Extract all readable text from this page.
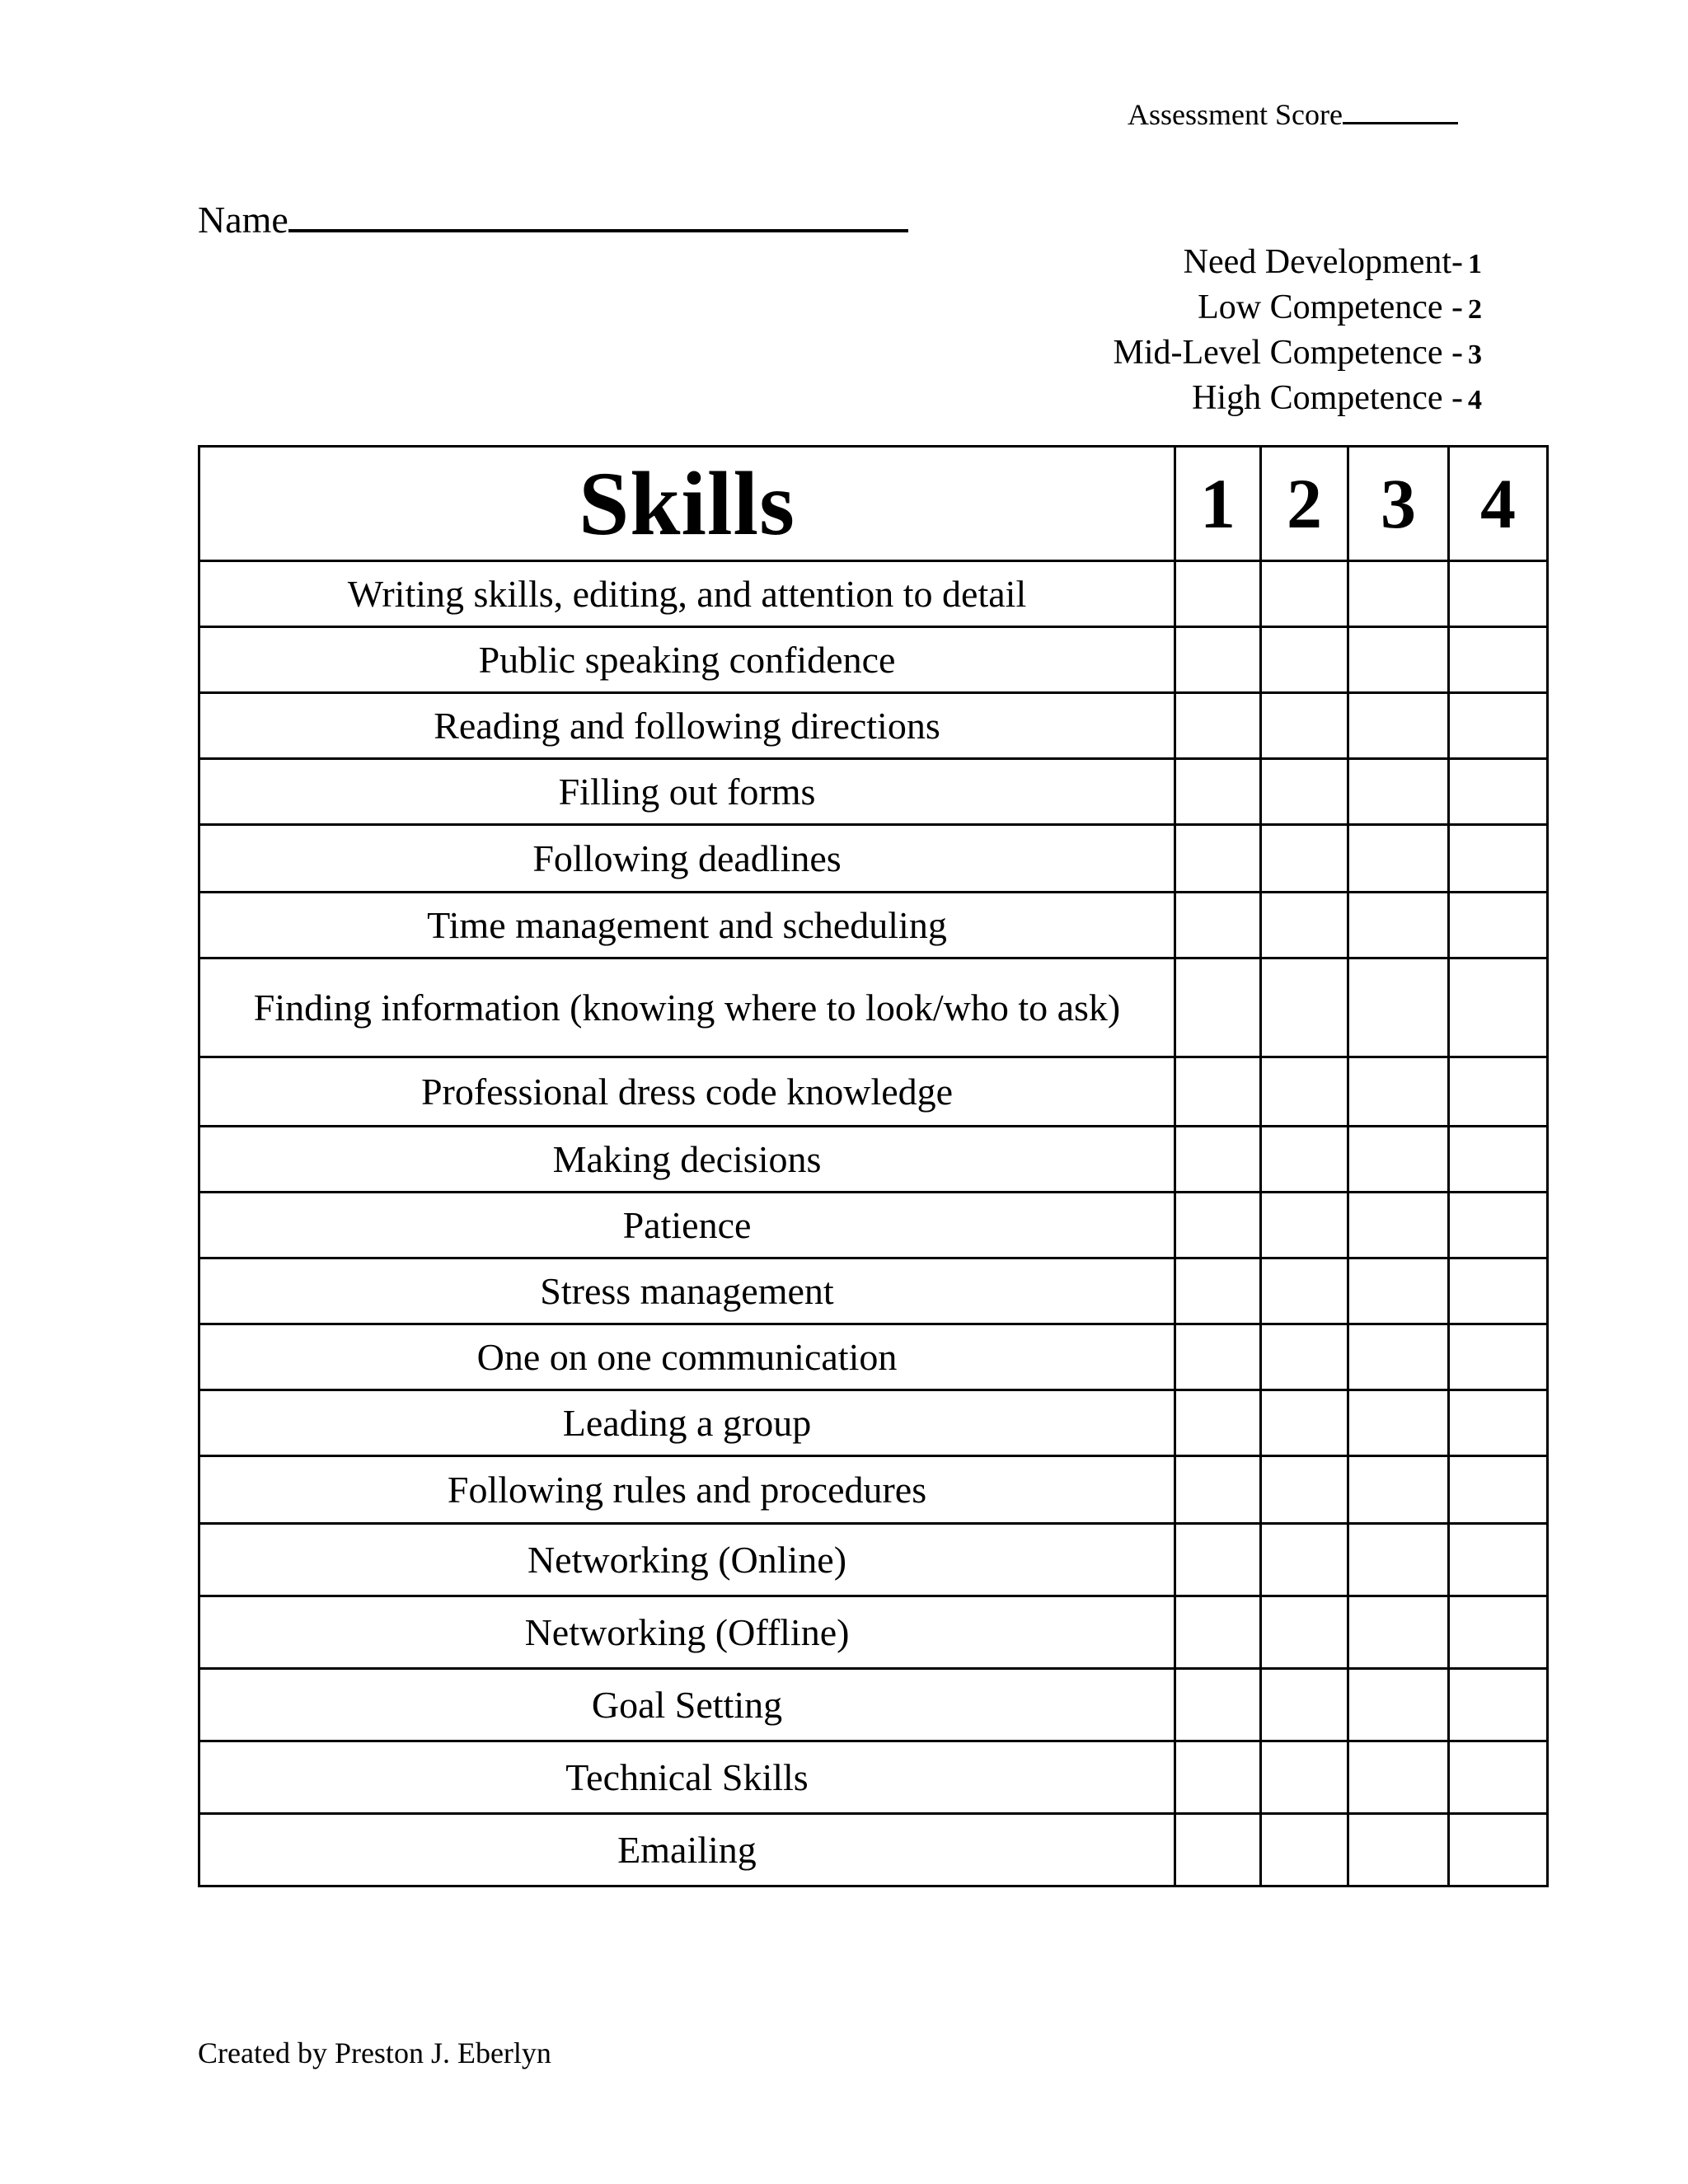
Assessment Score
Name
Need Development- 1
Low Competence - 2
Mid-Level Competence - 3
High Competence - 4
Skills	1	2	3	4
Writing skills, editing, and attention to detail				
Public speaking confidence				
Reading and following directions				
Filling out forms				
Following deadlines				
Time management and scheduling				
Finding information (knowing where to look/who to ask)				
Professional dress code knowledge				
Making decisions				
Patience				
Stress management				
One on one communication				
Leading a group				
Following rules and procedures				
Networking (Online)				
Networking (Offline)				
Goal Setting				
Technical Skills				
Emailing				
Created by Preston J. Eberlyn
